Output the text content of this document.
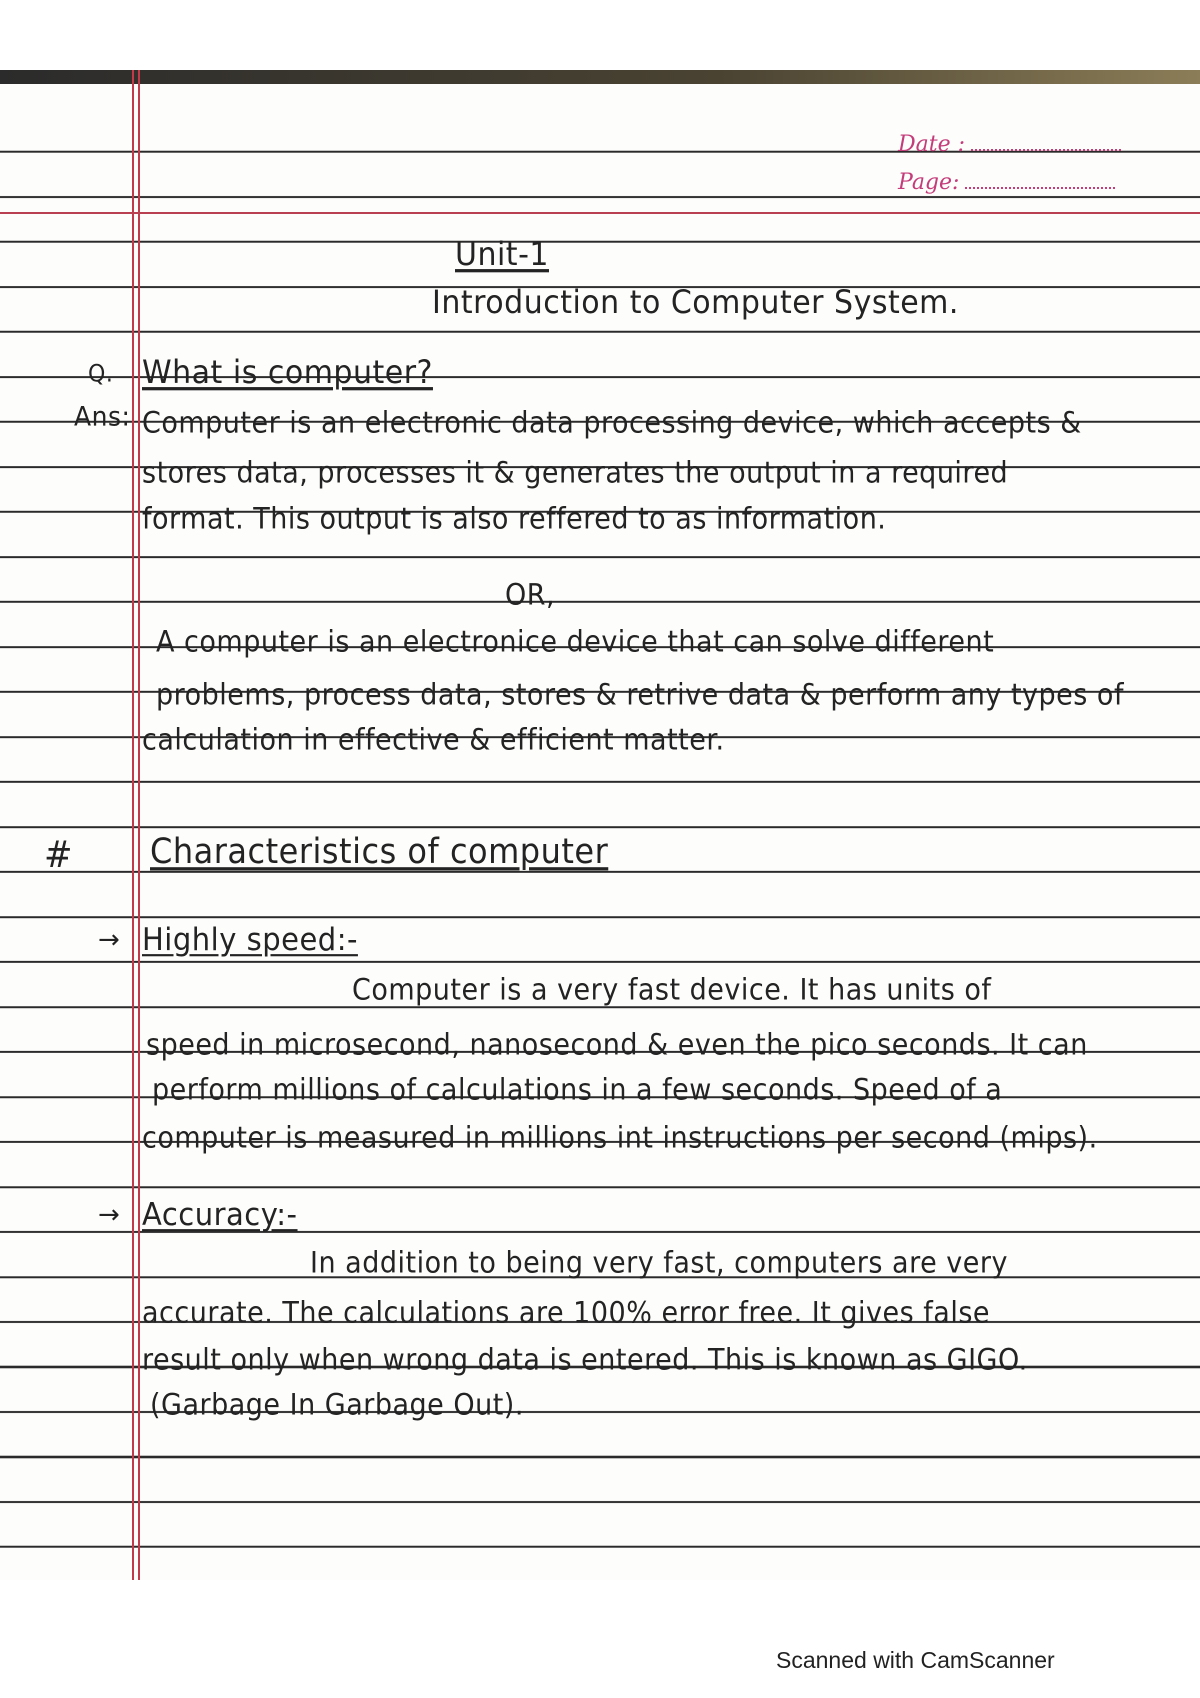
Date :
Page:
Unit-1
Introduction to Computer System.
Q. What is computer?
Ans: Computer is an electronic data processing device, which accepts &
stores data, processes it & generates the output in a required
format. This output is also reffered to as information.
OR,
A computer is an electronice device that can solve different
problems, process data, stores & retrive data & perform any types of
calculation in effective & efficient matter.
# Characteristics of computer
→ Highly speed:-
Computer is a very fast device. It has units of
speed in microsecond, nanosecond & even the pico seconds. It can
perform millions of calculations in a few seconds. Speed of a
computer is measured in millions int instructions per second (mips).
→ Accuracy:-
In addition to being very fast, computers are very
accurate. The calculations are 100% error free. It gives false
result only when wrong data is entered. This is known as GIGO.
(Garbage In Garbage Out).
Scanned with CamScanner
